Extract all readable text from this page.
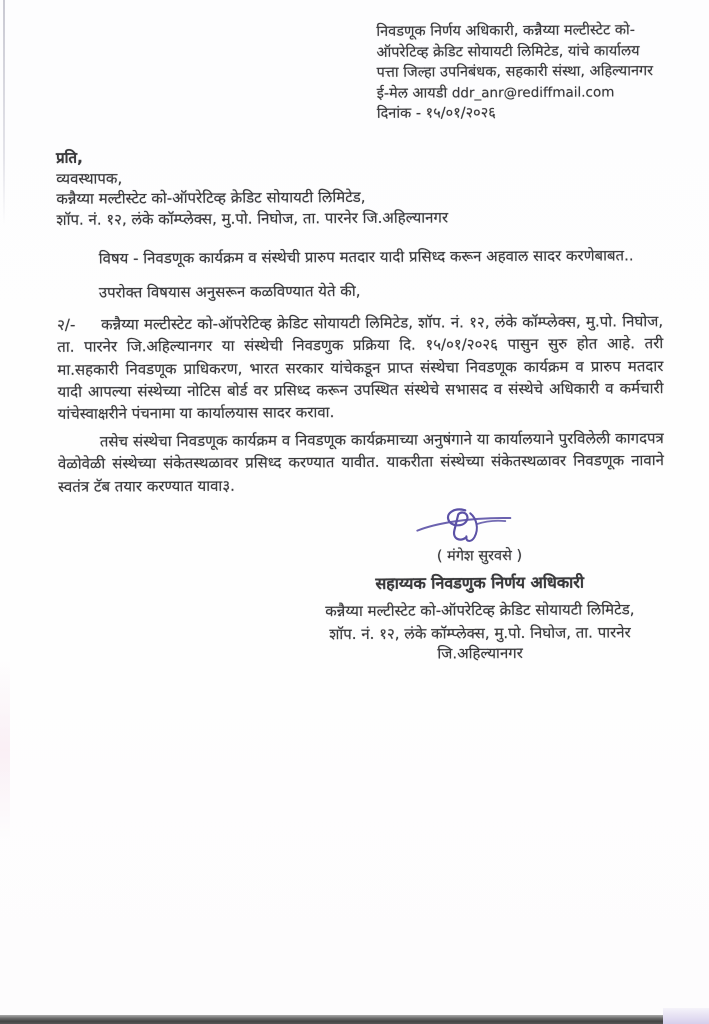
निवडणूक निर्णय अधिकारी, कन्नैय्या मल्टीस्टेट को-
ऑपरेटिव्ह क्रेडिट सोयायटी लिमिटेड, यांचे कार्यालय
पत्ता जिल्हा उपनिबंधक, सहकारी संस्था, अहिल्यानगर
ई-मेल आयडी ddr_anr@rediffmail.com
दिनांक - १५/०१/२०२६
प्रति,
व्यवस्थापक,
कन्नैय्या मल्टीस्टेट को-ऑपरेटिव्ह क्रेडिट सोयायटी लिमिटेड,
शॉप. नं. १२, लंके कॉम्प्लेक्स, मु.पो. निघोज, ता. पारनेर जि.अहिल्यानगर
विषय - निवडणूक कार्यक्रम व संस्थेची प्रारुप मतदार यादी प्रसिध्द करून अहवाल सादर करणेबाबत..
उपरोक्त विषयास अनुसरून कळविण्यात येते की,
२/- कन्नैय्या मल्टीस्टेट को-ऑपरेटिव्ह क्रेडिट सोयायटी लिमिटेड, शॉप. नं. १२, लंके कॉम्प्लेक्स, मु.पो. निघोज, ता. पारनेर जि.अहिल्यानगर या संस्थेची निवडणुक प्रक्रिया दि. १५/०१/२०२६ पासुन सुरु होत आहे. तरी मा.सहकारी निवडणूक प्राधिकरण, भारत सरकार यांचेकडून प्राप्त संस्थेचा निवडणूक कार्यक्रम व प्रारुप मतदार यादी आपल्या संस्थेच्या नोटिस बोर्ड वर प्रसिध्द करून उपस्थित संस्थेचे सभासद व संस्थेचे अधिकारी व कर्मचारी यांचेस्वाक्षरीने पंचनामा या कार्यालयास सादर करावा.
तसेच संस्थेचा निवडणूक कार्यक्रम व निवडणूक कार्यक्रमाच्या अनुषंगाने या कार्यालयाने पुरविलेली कागदपत्र वेळोवेळी संस्थेच्या संकेतस्थळावर प्रसिध्द करण्यात यावीत. याकरीता संस्थेच्या संकेतस्थळावर निवडणूक नावाने स्वतंत्र टॅब तयार करण्यात यावा३.
( मंगेश सुरवसे )
सहाय्यक निवडणुक निर्णय अधिकारी
कन्नैय्या मल्टीस्टेट को-ऑपरेटिव्ह क्रेडिट सोयायटी लिमिटेड,
शॉप. नं. १२, लंके कॉम्प्लेक्स, मु.पो. निघोज, ता. पारनेर जि.अहिल्यानगर
